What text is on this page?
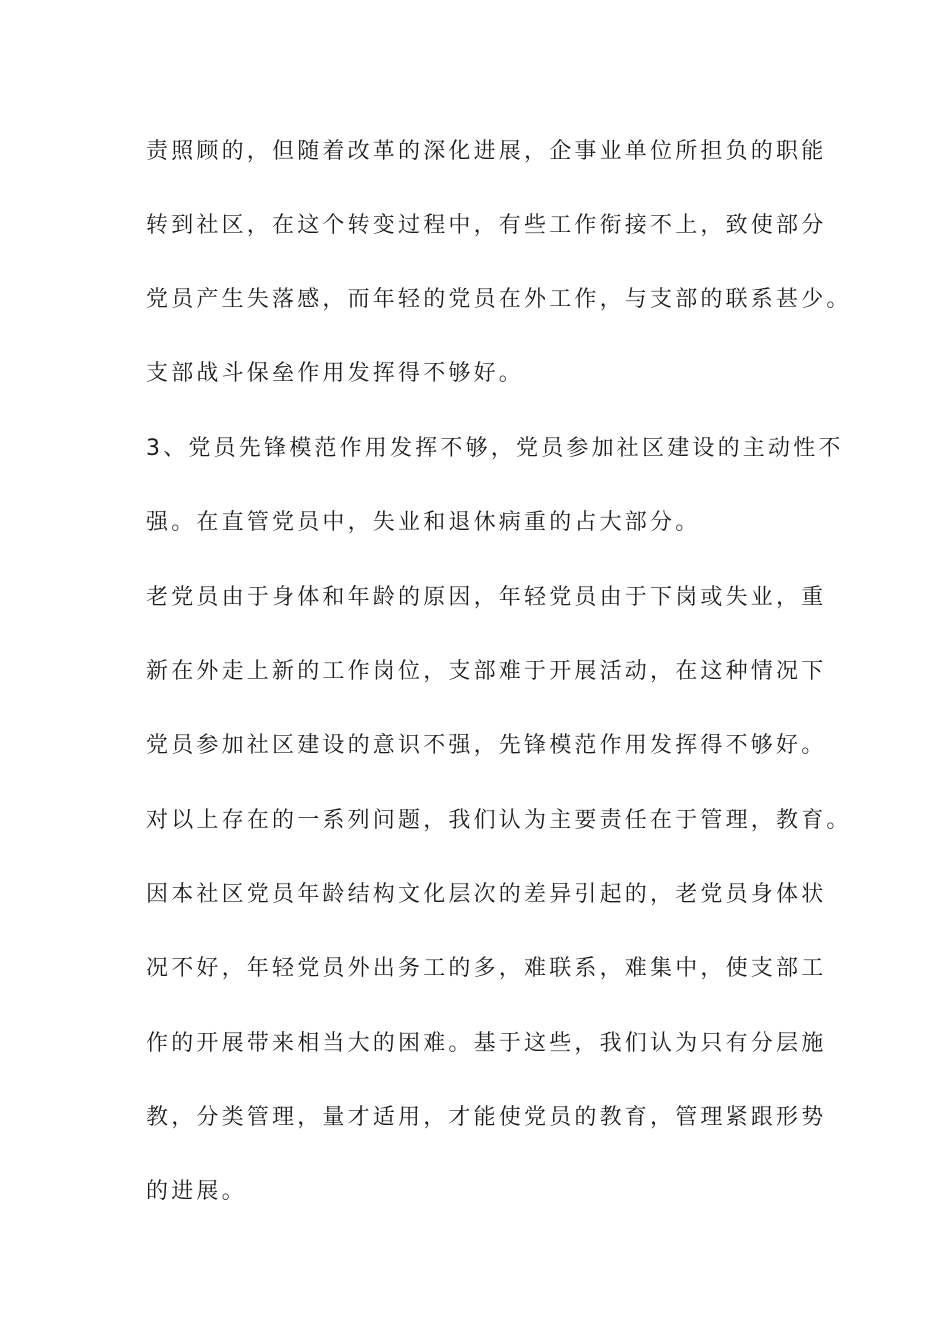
责照顾的，但随着改革的深化进展，企事业单位所担负的职能
转到社区，在这个转变过程中，有些工作衔接不上，致使部分
党员产生失落感，而年轻的党员在外工作，与支部的联系甚少。
支部战斗保垒作用发挥得不够好。
3、党员先锋模范作用发挥不够，党员参加社区建设的主动性不
强。在直管党员中，失业和退休病重的占大部分。
老党员由于身体和年龄的原因，年轻党员由于下岗或失业，重
新在外走上新的工作岗位，支部难于开展活动，在这种情况下
党员参加社区建设的意识不强，先锋模范作用发挥得不够好。
对以上存在的一系列问题，我们认为主要责任在于管理，教育。
因本社区党员年龄结构文化层次的差异引起的，老党员身体状
况不好，年轻党员外出务工的多，难联系，难集中，使支部工
作的开展带来相当大的困难。基于这些，我们认为只有分层施
教，分类管理，量才适用，才能使党员的教育，管理紧跟形势
的进展。
